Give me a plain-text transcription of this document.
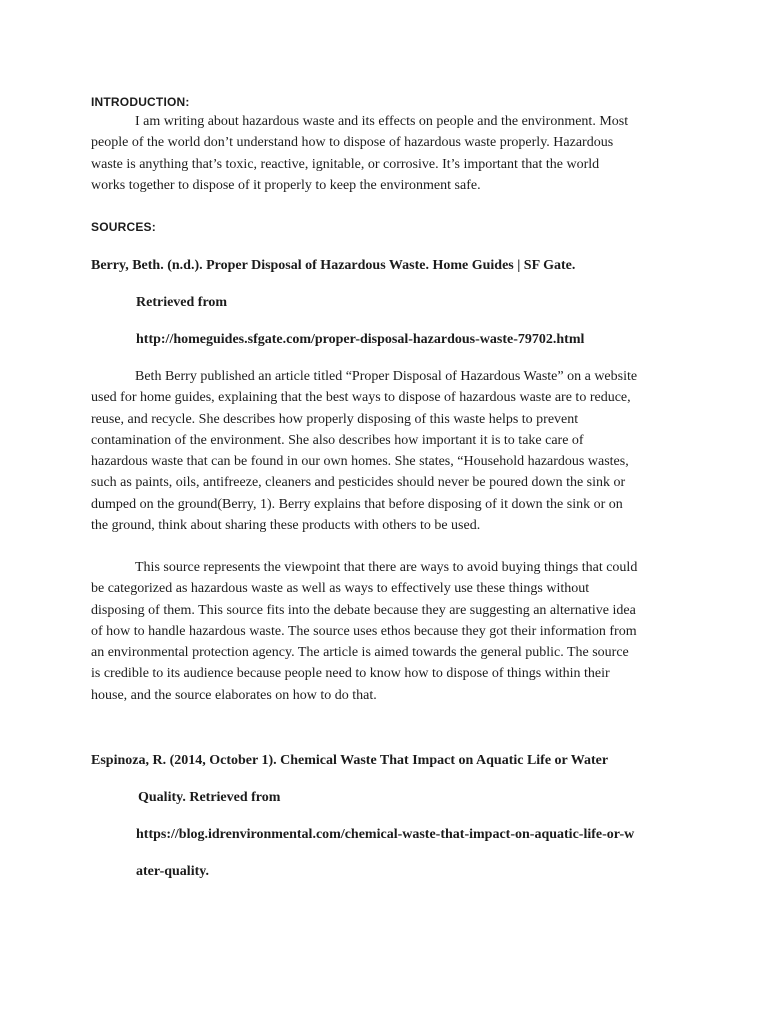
INTRODUCTION:
I am writing about hazardous waste and its effects on people and the environment. Most
people of the world don’t understand how to dispose of hazardous waste properly. Hazardous
waste is anything that’s toxic, reactive, ignitable, or corrosive. It’s important that the world
works together to dispose of it properly to keep the environment safe.
SOURCES:
Berry, Beth. (n.d.). Proper Disposal of Hazardous Waste. Home Guides | SF Gate.
Retrieved from
http://homeguides.sfgate.com/proper-disposal-hazardous-waste-79702.html
Beth Berry published an article titled “Proper Disposal of Hazardous Waste” on a website
used for home guides, explaining that the best ways to dispose of hazardous waste are to reduce,
reuse, and recycle. She describes how properly disposing of this waste helps to prevent
contamination of the environment. She also describes how important it is to take care of
hazardous waste that can be found in our own homes. She states, “Household hazardous wastes,
such as paints, oils, antifreeze, cleaners and pesticides should never be poured down the sink or
dumped on the ground(Berry, 1). Berry explains that before disposing of it down the sink or on
the ground, think about sharing these products with others to be used.
This source represents the viewpoint that there are ways to avoid buying things that could
be categorized as hazardous waste as well as ways to effectively use these things without
disposing of them. This source fits into the debate because they are suggesting an alternative idea
of how to handle hazardous waste. The source uses ethos because they got their information from
an environmental protection agency. The article is aimed towards the general public. The source
is credible to its audience because people need to know how to dispose of things within their
house, and the source elaborates on how to do that.
Espinoza, R. (2014, October 1). Chemical Waste That Impact on Aquatic Life or Water
Quality. Retrieved from
https://blog.idrenvironmental.com/chemical-waste-that-impact-on-aquatic-life-or-w
ater-quality.
